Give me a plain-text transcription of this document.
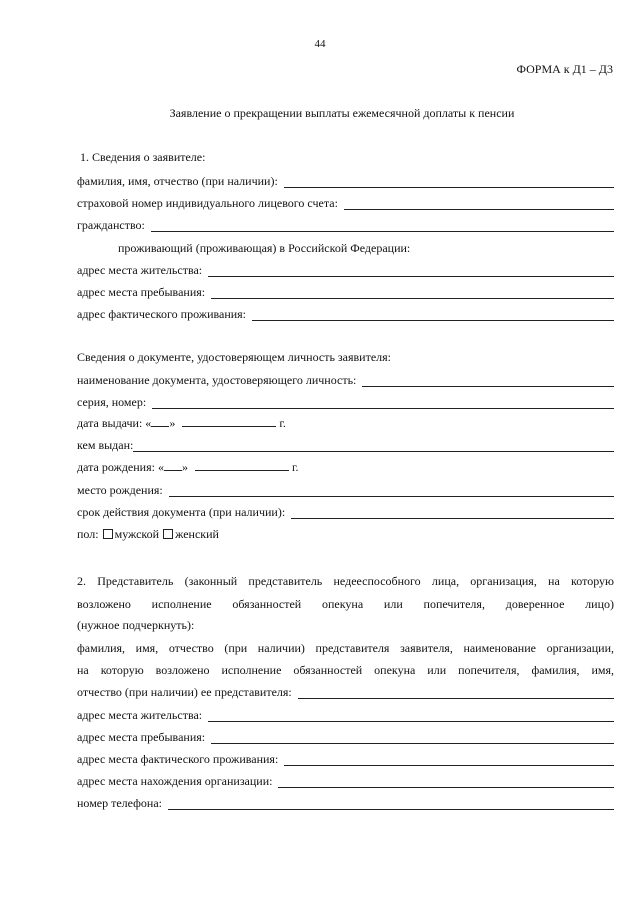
44
ФОРМА к Д1 – Д3
Заявление о прекращении выплаты ежемесячной доплаты к пенсии
1. Сведения о заявителе:
фамилия, имя, отчество (при наличии):
страховой номер индивидуального лицевого счета:
гражданство:
проживающий (проживающая) в Российской Федерации:
адрес места жительства:
адрес места пребывания:
адрес фактического проживания:
Сведения о документе, удостоверяющем личность заявителя:
наименование документа, удостоверяющего личность:
серия, номер:
дата выдачи: « »	г.
кем выдан:
дата рождения: « »	г.
место рождения:
срок действия документа (при наличии):
пол: мужской женский
2. Представитель (законный представитель недееспособного лица, организация, на которую
возложено исполнение обязанностей опекуна или попечителя, доверенное лицо)
(нужное подчеркнуть):
фамилия, имя, отчество (при наличии) представителя заявителя, наименование организации,
на которую возложено исполнение обязанностей опекуна или попечителя, фамилия, имя,
отчество (при наличии) ее представителя:
адрес места жительства:
адрес места пребывания:
адрес места фактического проживания:
адрес места нахождения организации:
номер телефона:
